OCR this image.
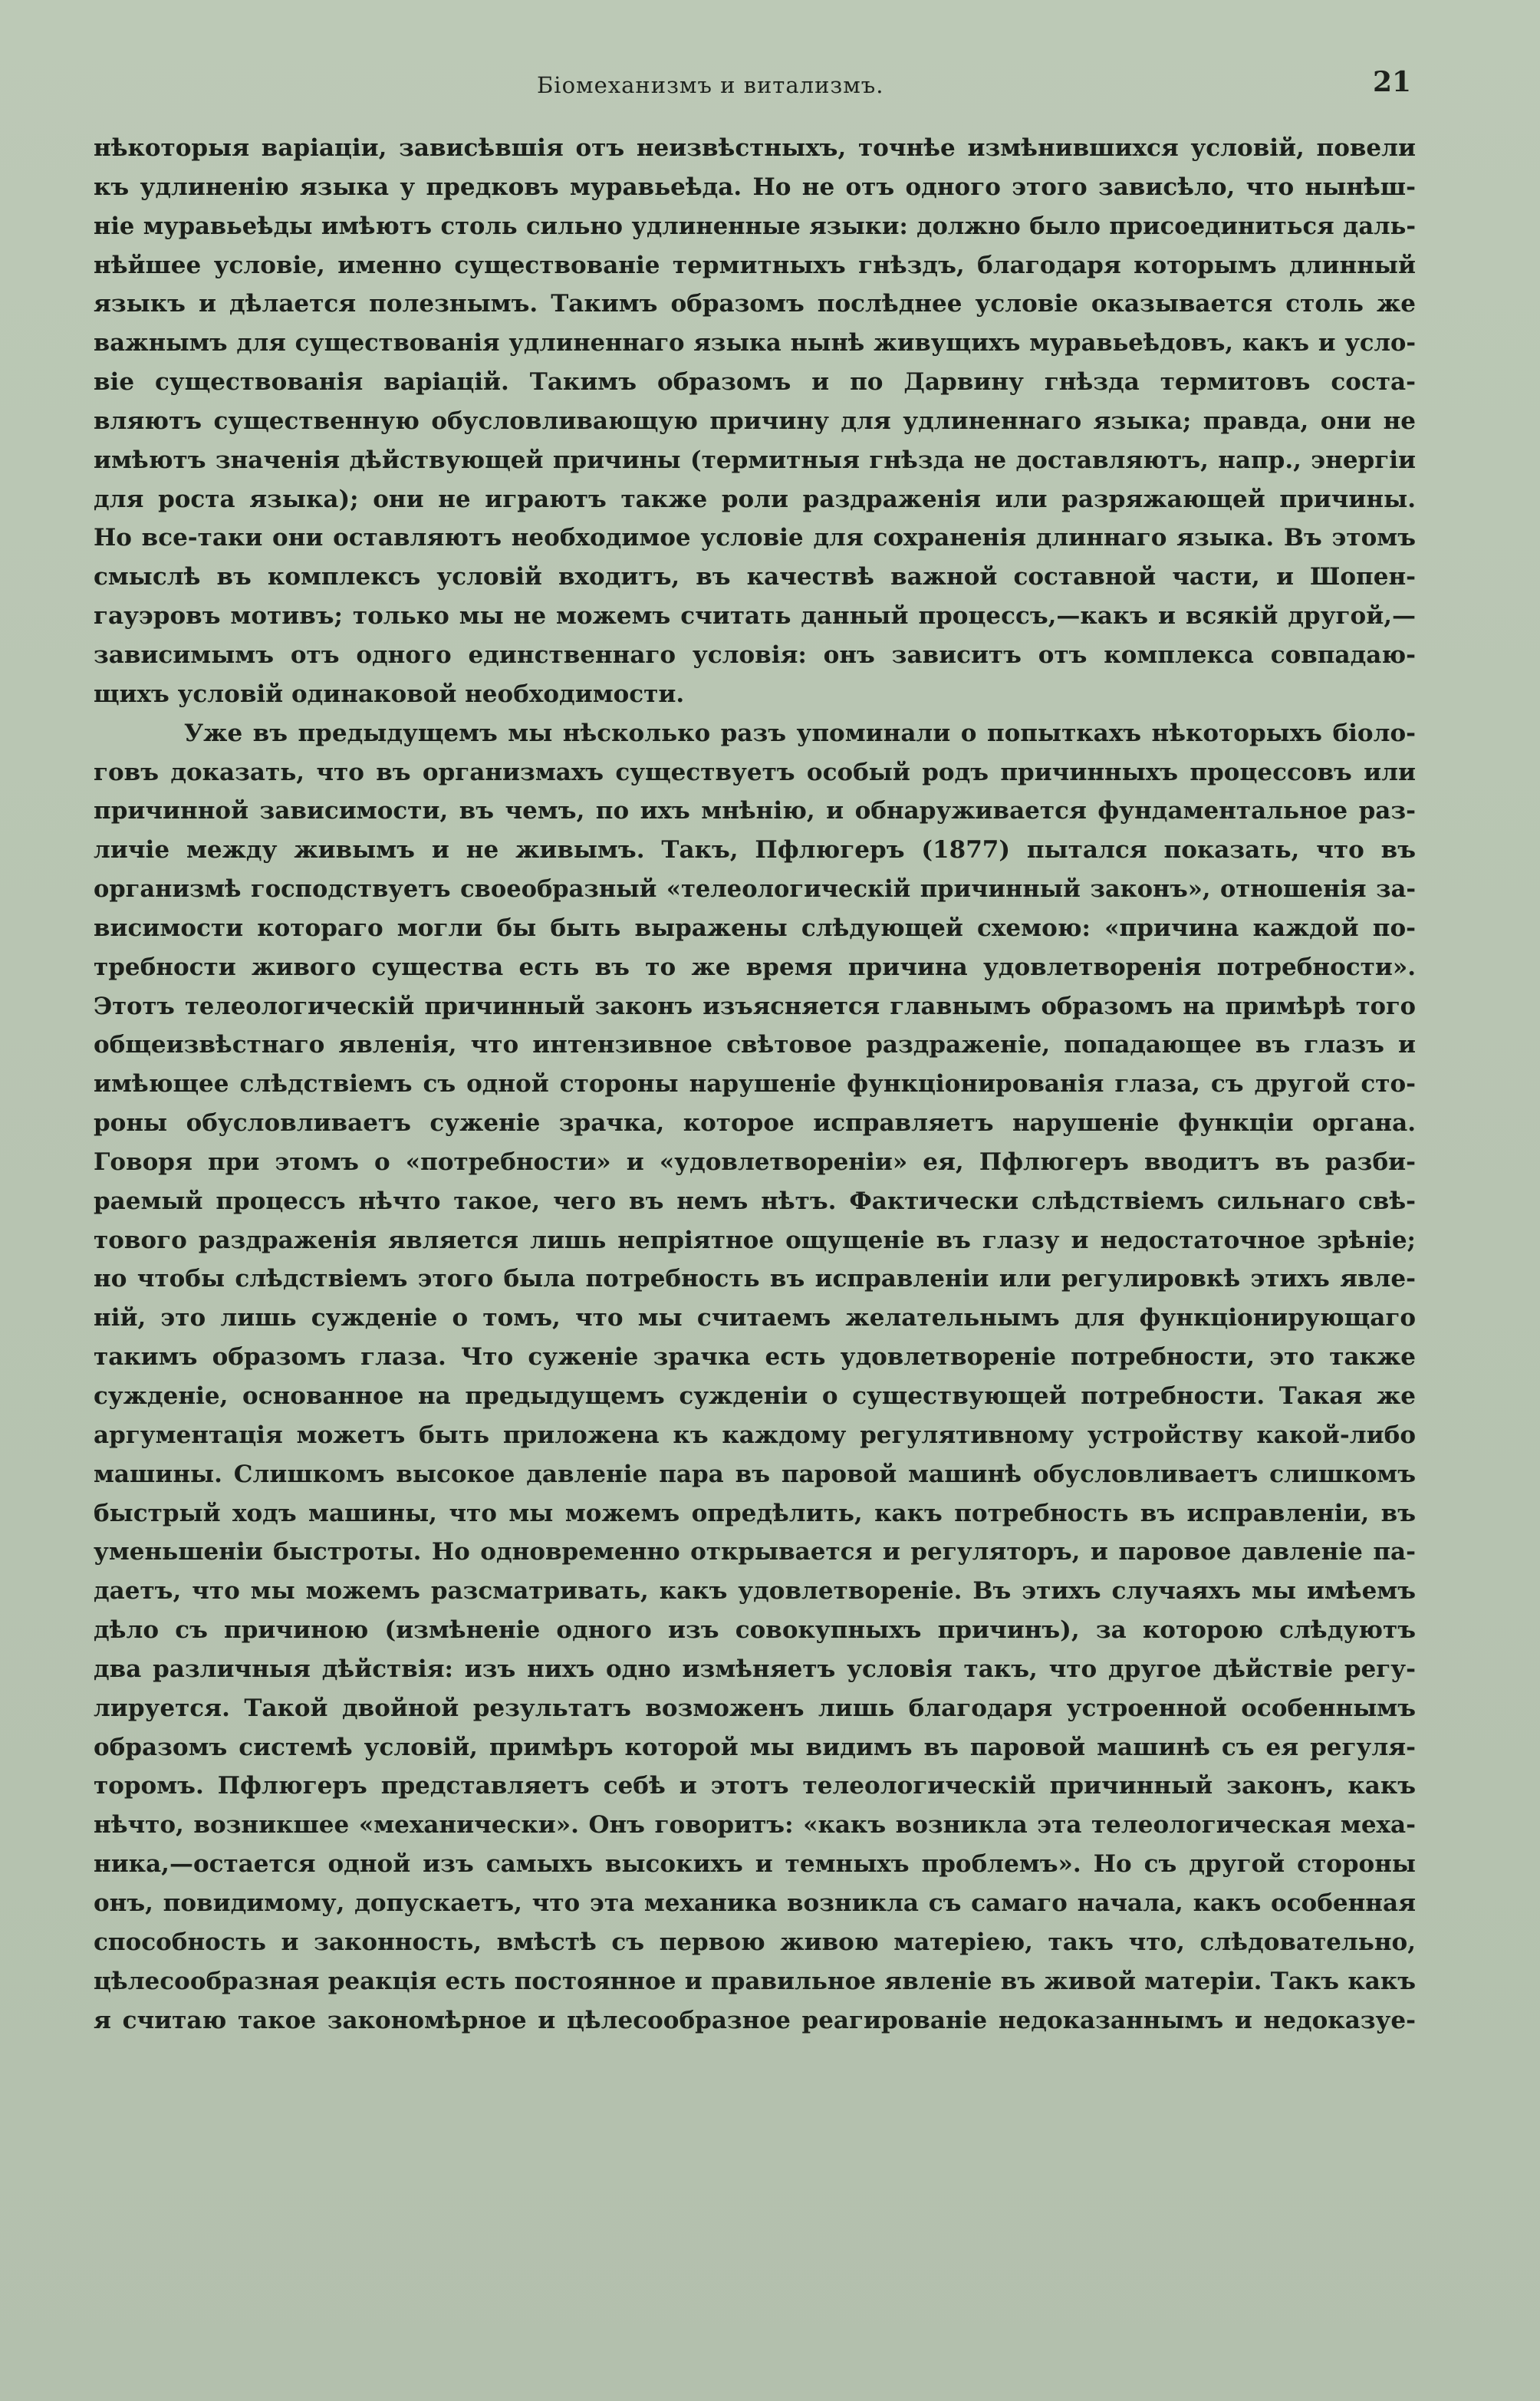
Біомеханизмъ и витализмъ.	21
нѣкоторыя варіаціи, зависѣвшія отъ неизвѣстныхъ, точнѣе измѣнившихся условій, повели
къ удлиненію языка у предковъ муравьеѣда. Но не отъ одного этого зависѣло, что нынѣш-
ніе муравьеѣды имѣютъ столь сильно удлиненные языки: должно было присоединиться даль-
нѣйшее условіе, именно существованіе термитныхъ гнѣздъ, благодаря которымъ длинный
языкъ и дѣлается полезнымъ. Такимъ образомъ послѣднее условіе оказывается столь же
важнымъ для существованія удлиненнаго языка нынѣ живущихъ муравьеѣдовъ, какъ и усло-
віе существованія варіацій. Такимъ образомъ и по Дарвину гнѣзда термитовъ соста-
вляютъ существенную обусловливающую причину для удлиненнаго языка; правда, они не
имѣютъ значенія дѣйствующей причины (термитныя гнѣзда не доставляютъ, напр., энергіи
для роста языка); они не играютъ также роли раздраженія или разряжающей причины.
Но все-таки они оставляютъ необходимое условіе для сохраненія длиннаго языка. Въ этомъ
смыслѣ въ комплексъ условій входитъ, въ качествѣ важной составной части, и Шопен-
гауэровъ мотивъ; только мы не можемъ считать данный процессъ,—какъ и всякій другой,—
зависимымъ отъ одного единственнаго условія: онъ зависитъ отъ комплекса совпадаю-
щихъ условій одинаковой необходимости.
Уже въ предыдущемъ мы нѣсколько разъ упоминали о попыткахъ нѣкоторыхъ біоло-
говъ доказать, что въ организмахъ существуетъ особый родъ причинныхъ процессовъ или
причинной зависимости, въ чемъ, по ихъ мнѣнію, и обнаруживается фундаментальное раз-
личіе между живымъ и не живымъ. Такъ, Пфлюгеръ (1877) пытался показать, что въ
организмѣ господствуетъ своеобразный «телеологическій причинный законъ», отношенія за-
висимости котораго могли бы быть выражены слѣдующей схемою: «причина каждой по-
требности живого существа есть въ то же время причина удовлетворенія потребности».
Этотъ телеологическій причинный законъ изъясняется главнымъ образомъ на примѣрѣ того
общеизвѣстнаго явленія, что интензивное свѣтовое раздраженіе, попадающее въ глазъ и
имѣющее слѣдствіемъ съ одной стороны нарушеніе функціонированія глаза, съ другой сто-
роны обусловливаетъ суженіе зрачка, которое исправляетъ нарушеніе функціи органа.
Говоря при этомъ о «потребности» и «удовлетвореніи» ея, Пфлюгеръ вводитъ въ разби-
раемый процессъ нѣчто такое, чего въ немъ нѣтъ. Фактически слѣдствіемъ сильнаго свѣ-
тового раздраженія является лишь непріятное ощущеніе въ глазу и недостаточное зрѣніе;
но чтобы слѣдствіемъ этого была потребность въ исправленіи или регулировкѣ этихъ явле-
ній, это лишь сужденіе о томъ, что мы считаемъ желательнымъ для функціонирующаго
такимъ образомъ глаза. Что суженіе зрачка есть удовлетвореніе потребности, это также
сужденіе, основанное на предыдущемъ сужденіи о существующей потребности. Такая же
аргументація можетъ быть приложена къ каждому регулятивному устройству какой-либо
машины. Слишкомъ высокое давленіе пара въ паровой машинѣ обусловливаетъ слишкомъ
быстрый ходъ машины, что мы можемъ опредѣлить, какъ потребность въ исправленіи, въ
уменьшеніи быстроты. Но одновременно открывается и регуляторъ, и паровое давленіе па-
даетъ, что мы можемъ разсматривать, какъ удовлетвореніе. Въ этихъ случаяхъ мы имѣемъ
дѣло съ причиною (измѣненіе одного изъ совокупныхъ причинъ), за которою слѣдуютъ
два различныя дѣйствія: изъ нихъ одно измѣняетъ условія такъ, что другое дѣйствіе регу-
лируется. Такой двойной результатъ возможенъ лишь благодаря устроенной особеннымъ
образомъ системѣ условій, примѣръ которой мы видимъ въ паровой машинѣ съ ея регуля-
торомъ. Пфлюгеръ представляетъ себѣ и этотъ телеологическій причинный законъ, какъ
нѣчто, возникшее «механически». Онъ говоритъ: «какъ возникла эта телеологическая меха-
ника,—остается одной изъ самыхъ высокихъ и темныхъ проблемъ». Но съ другой стороны
онъ, повидимому, допускаетъ, что эта механика возникла съ самаго начала, какъ особенная
способность и законность, вмѣстѣ съ первою живою матеріею, такъ что, слѣдовательно,
цѣлесообразная реакція есть постоянное и правильное явленіе въ живой матеріи. Такъ какъ
я считаю такое закономѣрное и цѣлесообразное реагированіе недоказаннымъ и недоказуе-
